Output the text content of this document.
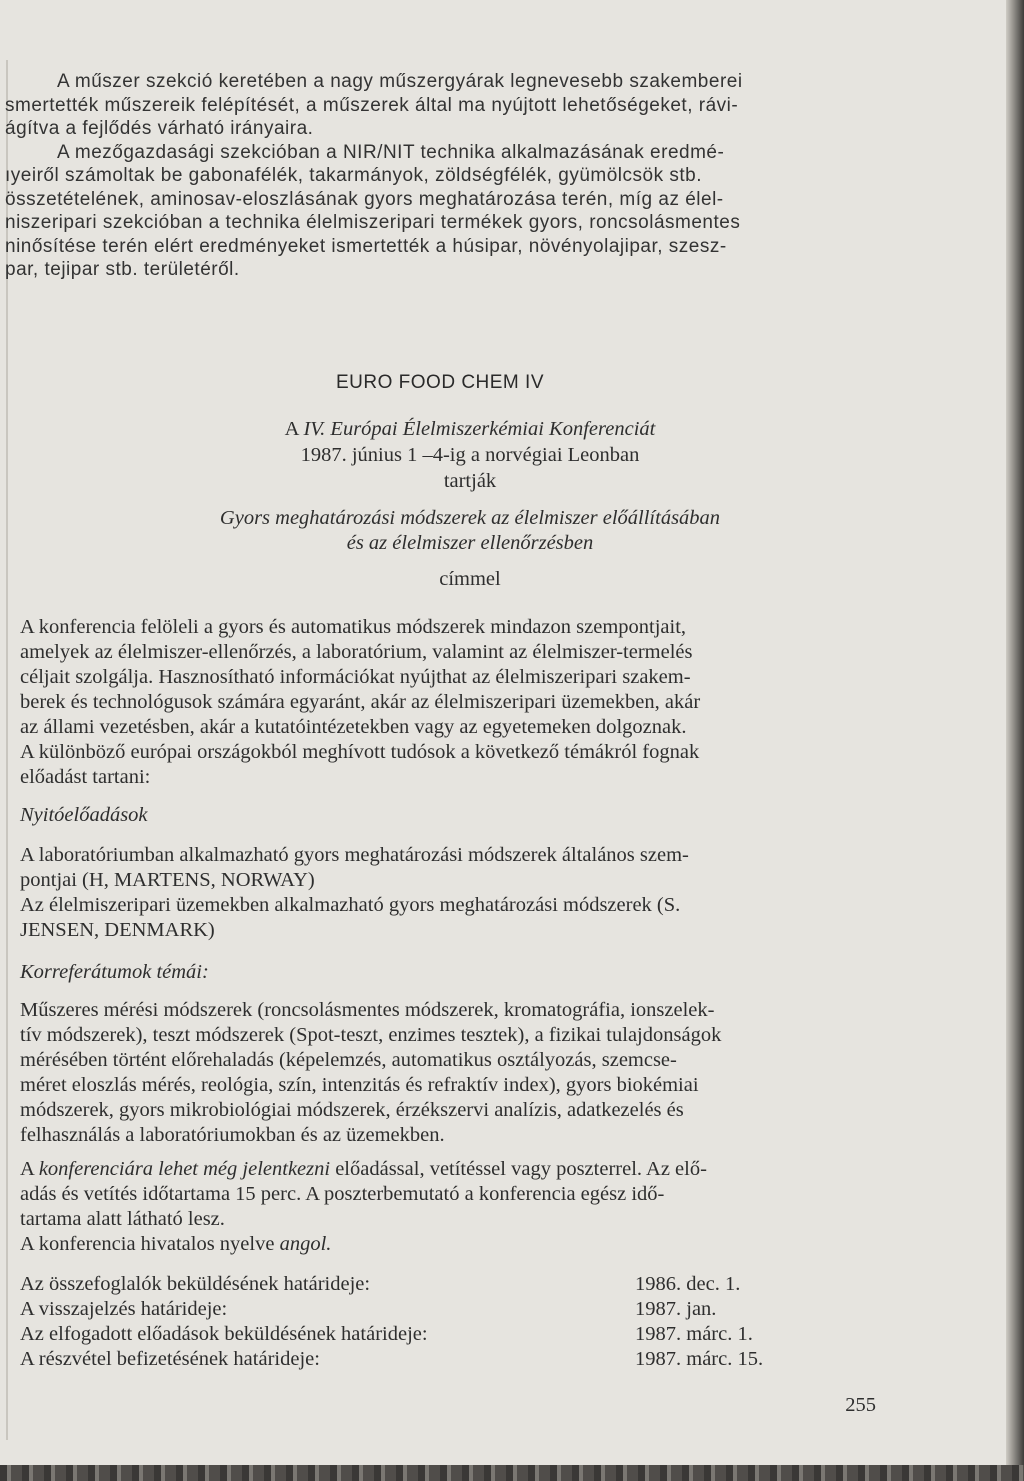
A műszer szekció keretében a nagy műszergyárak legnevesebb szakemberei

smertették műszereik felépítését, a műszerek által ma nyújtott lehetőségeket, rávi-

ágítva a fejlődés várható irányaira.

A mezőgazdasági szekcióban a NIR/NIT technika alkalmazásának eredmé-

ıyeiről számoltak be gabonafélék, takarmányok, zöldségfélék, gyümölcsök stb.

összetételének, aminosav-eloszlásának gyors meghatározása terén, míg az élel-

niszeripari szekcióban a technika élelmiszeripari termékek gyors, roncsolásmentes

ninősítése terén elért eredményeket ismertették a húsipar, növényolajipar, szesz-

par, tejipar stb. területéről.

EURO FOOD CHEM IV
A IV. Európai Élelmiszerkémiai Konferenciát
1987. június 1 –4-ig a norvégiai Leonban
tartják
Gyors meghatározási módszerek az élelmiszer előállításában
és az élelmiszer ellenőrzésben
címmel

A konferencia felöleli a gyors és automatikus módszerek mindazon szempontjait,

amelyek az élelmiszer-ellenőrzés, a laboratórium, valamint az élelmiszer-termelés

céljait szolgálja. Hasznosítható információkat nyújthat az élelmiszeripari szakem-

berek és technológusok számára egyaránt, akár az élelmiszeripari üzemekben, akár

az állami vezetésben, akár a kutatóintézetekben vagy az egyetemeken dolgoznak.

A különböző európai országokból meghívott tudósok a következő témákról fognak

előadást tartani:

Nyitóelőadások

A laboratóriumban alkalmazható gyors meghatározási módszerek általános szem-

pontjai (H, MARTENS, NORWAY)

Az élelmiszeripari üzemekben alkalmazható gyors meghatározási módszerek (S.

JENSEN, DENMARK)

Korreferátumok témái:

Műszeres mérési módszerek (roncsolásmentes módszerek, kromatográfia, ionszelek-

tív módszerek), teszt módszerek (Spot-teszt, enzimes tesztek), a fizikai tulajdonságok

mérésében történt előrehaladás (képelemzés, automatikus osztályozás, szemcse-

méret eloszlás mérés, reológia, szín, intenzitás és refraktív index), gyors biokémiai

módszerek, gyors mikrobiológiai módszerek, érzékszervi analízis, adatkezelés és

felhasználás a laboratóriumokban és az üzemekben.

A konferenciára lehet még jelentkezni előadással, vetítéssel vagy poszterrel. Az elő-

adás és vetítés időtartama 15 perc. A poszterbemutató a konferencia egész idő-

tartama alatt látható lesz.

A konferencia hivatalos nyelve angol.

Az összefoglalók beküldésének határideje:	1986. dec. 1.
A visszajelzés határideje:	1987. jan.
Az elfogadott előadások beküldésének határideje:	1987. márc. 1.
A részvétel befizetésének határideje:	1987. márc. 15.
255
